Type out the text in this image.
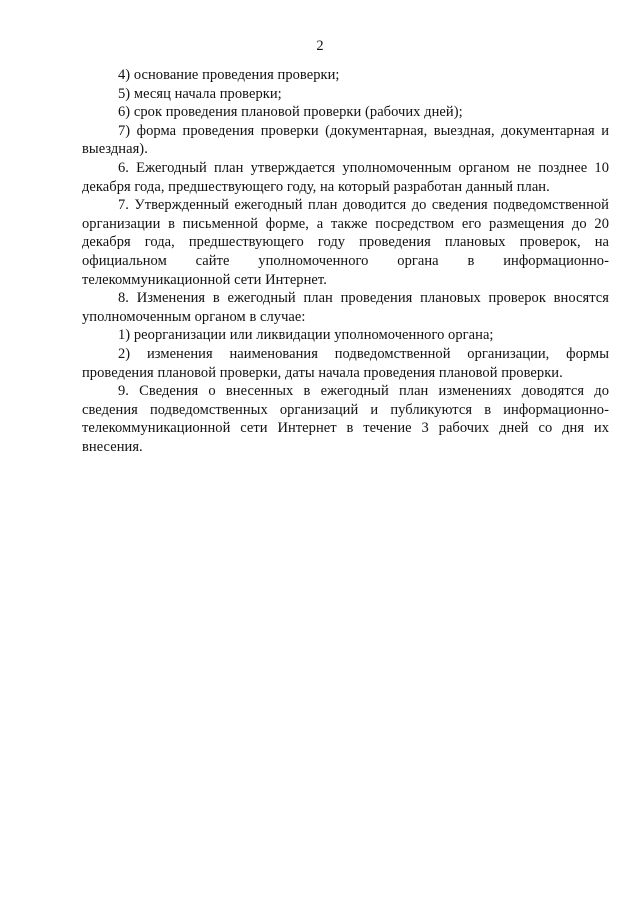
2

4) основание проведения проверки;

5) месяц начала проверки;

6) срок проведения плановой проверки (рабочих дней);

7) форма проведения проверки (документарная, выездная, документарная и выездная).

6. Ежегодный план утверждается уполномоченным органом не позднее 10 декабря года, предшествующего году, на который разработан данный план.

7. Утвержденный ежегодный план доводится до сведения подведомственной организации в письменной форме, а также посредством его размещения до 20 декабря года, предшествующего году проведения плановых проверок, на официальном сайте уполномоченного органа в информационно-телекоммуникационной сети Интернет.

8. Изменения в ежегодный план проведения плановых проверок вносятся уполномоченным органом в случае:

1) реорганизации или ликвидации уполномоченного органа;

2) изменения наименования подведомственной организации, формы проведения плановой проверки, даты начала проведения плановой проверки.

9. Сведения о внесенных в ежегодный план изменениях доводятся до сведения подведомственных организаций и публикуются в информационно-телекоммуникационной сети Интернет в течение 3 рабочих дней со дня их внесения.
